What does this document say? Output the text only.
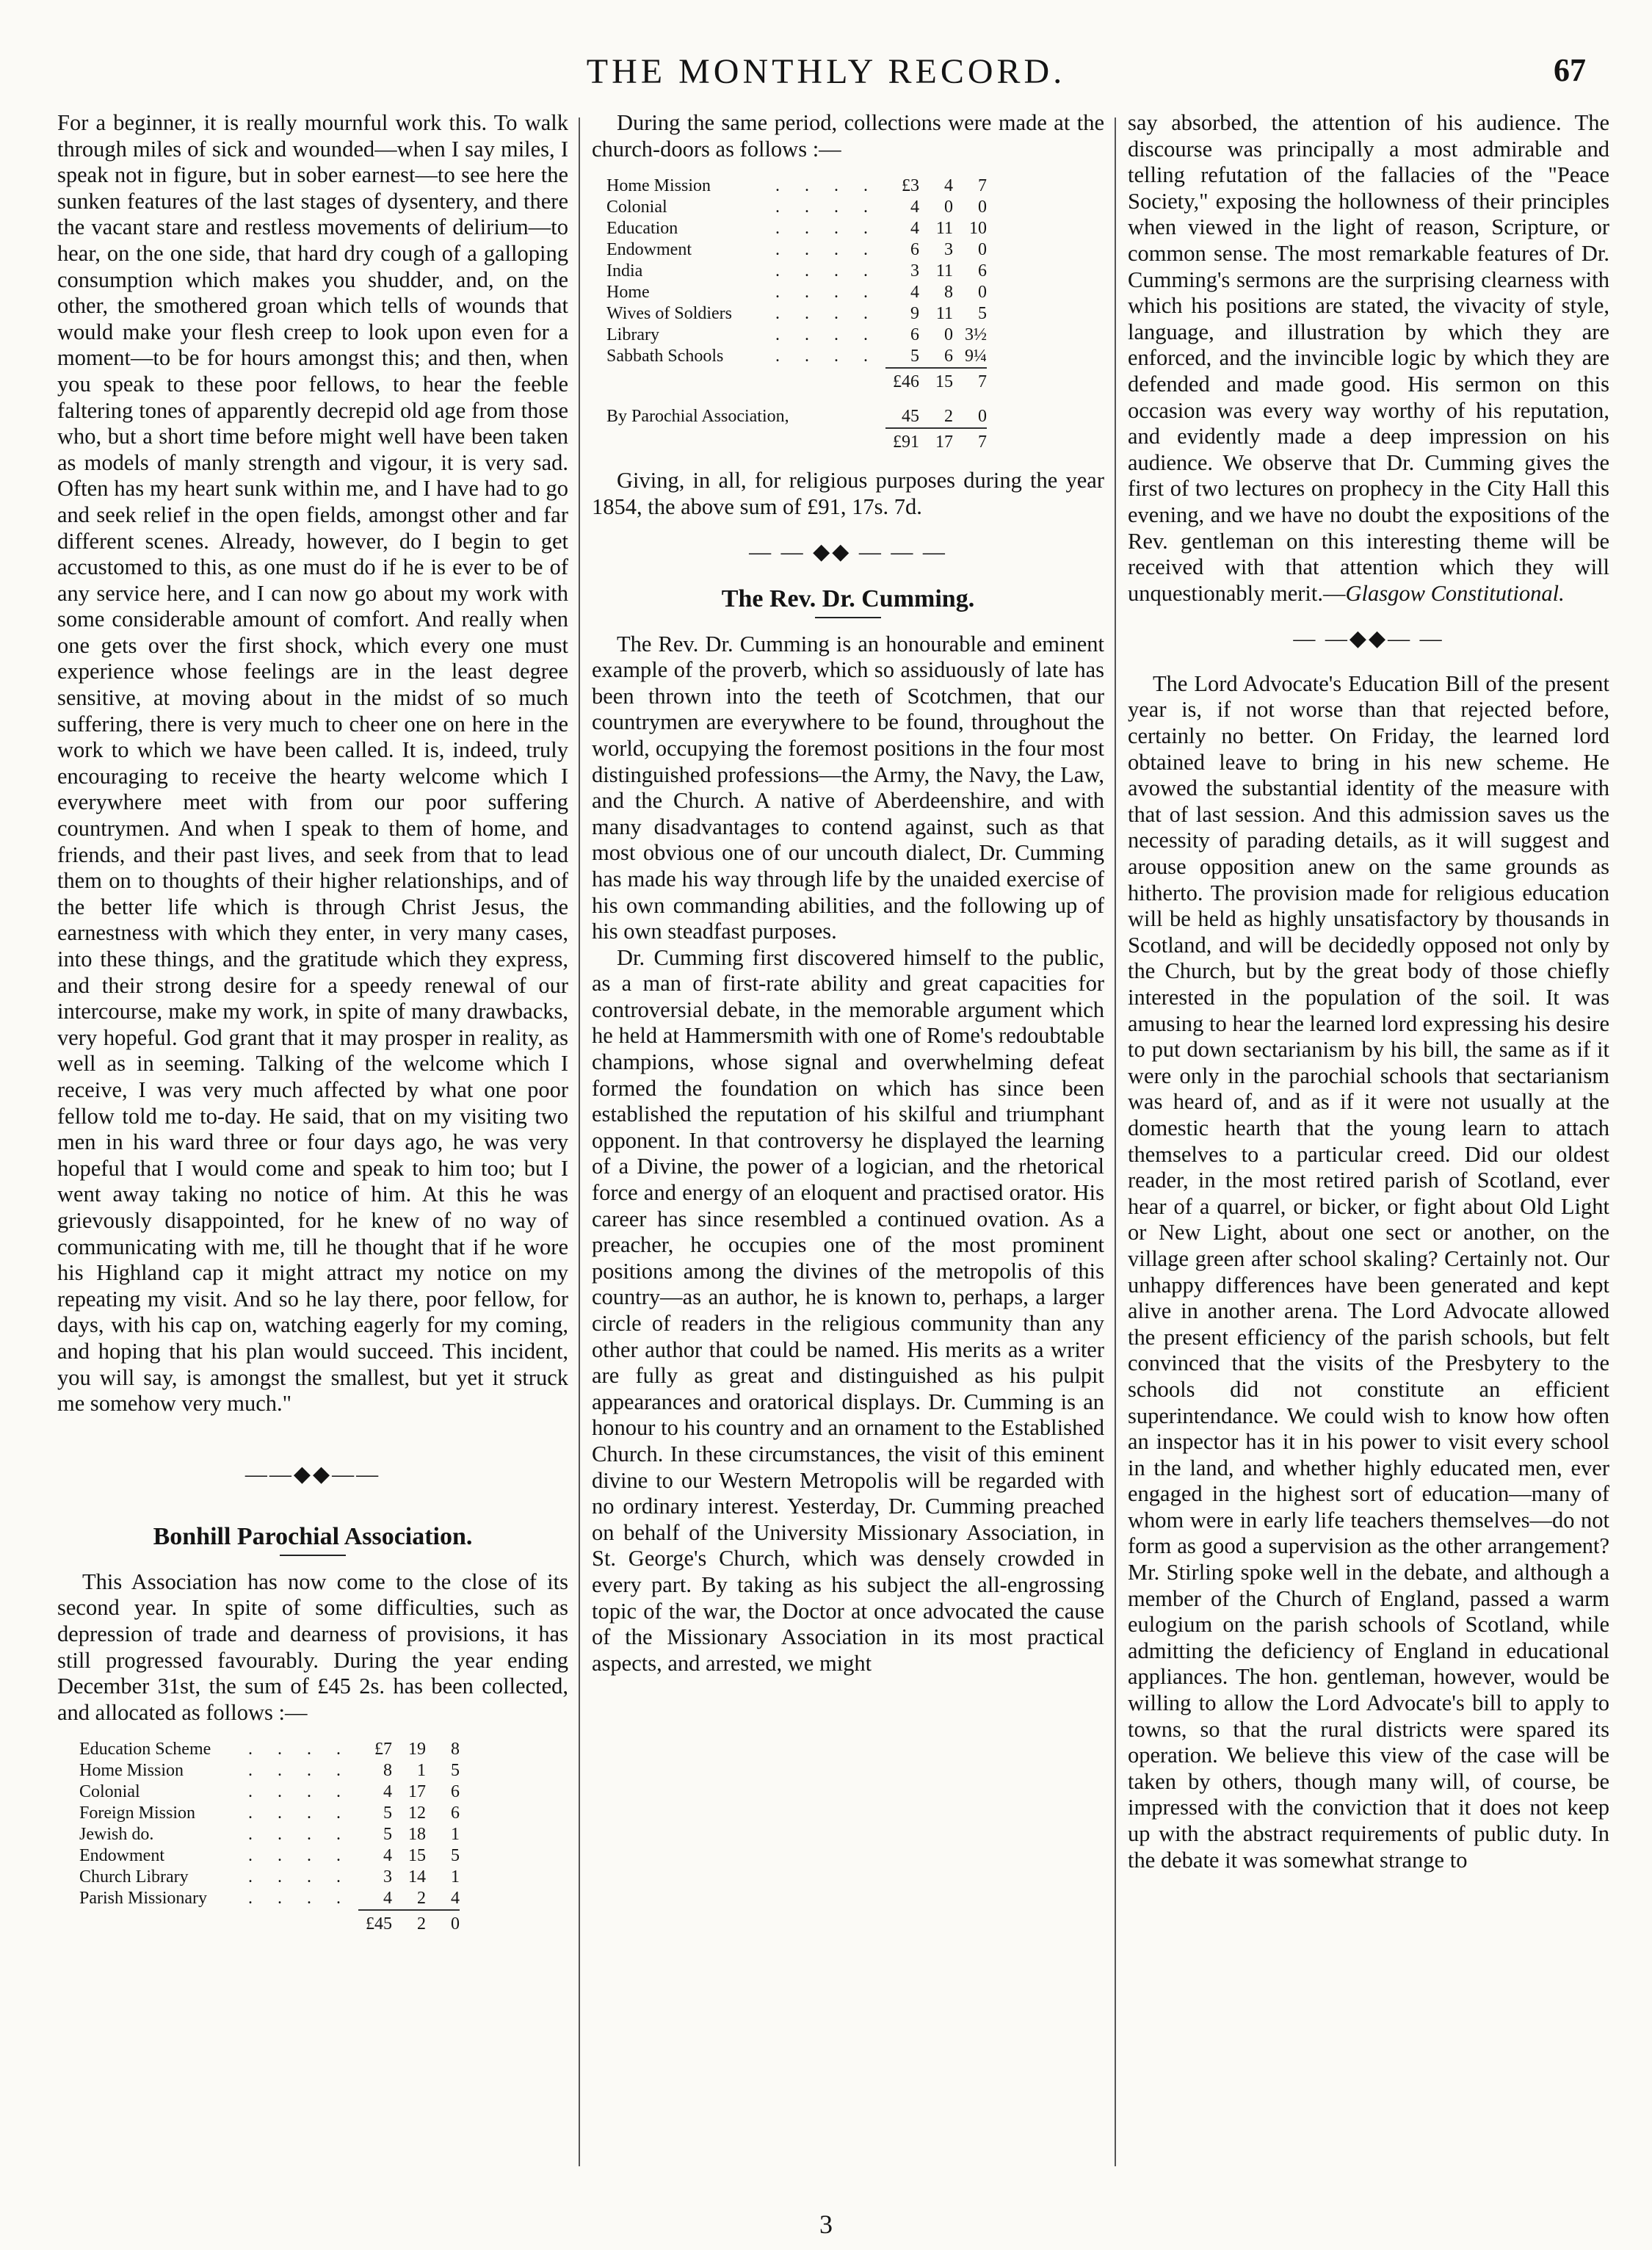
THE MONTHLY RECORD.	67

For a beginner, it is really mournful work this. To walk through miles of sick and wounded—when I say miles, I speak not in figure, but in sober earnest—to see here the sunken features of the last stages of dysentery, and there the vacant stare and restless movements of delirium—to hear, on the one side, that hard dry cough of a galloping consumption which makes you shudder, and, on the other, the smothered groan which tells of wounds that would make your flesh creep to look upon even for a moment—to be for hours amongst this; and then, when you speak to these poor fellows, to hear the feeble faltering tones of apparently decrepid old age from those who, but a short time before might well have been taken as models of manly strength and vigour, it is very sad. Often has my heart sunk within me, and I have had to go and seek relief in the open fields, amongst other and far different scenes. Already, however, do I begin to get accustomed to this, as one must do if he is ever to be of any service here, and I can now go about my work with some considerable amount of comfort. And really when one gets over the first shock, which every one must experience whose feelings are in the least degree sensitive, at moving about in the midst of so much suffering, there is very much to cheer one on here in the work to which we have been called. It is, indeed, truly encouraging to receive the hearty welcome which I everywhere meet with from our poor suffering countrymen. And when I speak to them of home, and friends, and their past lives, and seek from that to lead them on to thoughts of their higher relationships, and of the better life which is through Christ Jesus, the earnestness with which they enter, in very many cases, into these things, and the gratitude which they express, and their strong desire for a speedy renewal of our intercourse, make my work, in spite of many drawbacks, very hopeful. God grant that it may prosper in reality, as well as in seeming. Talking of the welcome which I receive, I was very much affected by what one poor fellow told me to-day. He said, that on my visiting two men in his ward three or four days ago, he was very hopeful that I would come and speak to him too; but I went away taking no notice of him. At this he was grievously disappointed, for he knew of no way of communicating with me, till he thought that if he wore his Highland cap it might attract my notice on my repeating my visit. And so he lay there, poor fellow, for days, with his cap on, watching eagerly for my coming, and hoping that his plan would succeed. This incident, you will say, is amongst the smallest, but yet it struck me somehow very much."

——◆◆——
Bonhill Parochial Association.

This Association has now come to the close of its second year. In spite of some difficulties, such as depression of trade and dearness of provisions, it has still progressed favourably. During the year ending December 31st, the sum of £45 2s. has been collected, and allocated as follows :—

Education Scheme	. . . .	£7	19	8
Home Mission	. . . .	8	1	5
Colonial	. . . .	4	17	6
Foreign Mission	. . . .	5	12	6
Jewish do.	. . . .	5	18	1
Endowment	. . . .	4	15	5
Church Library	. . . .	3	14	1
Parish Missionary	. . . .	4	2	4
		£45	2	0

During the same period, collections were made at the church-doors as follows :—

Home Mission	. . . .	£3	4	7
Colonial	. . . .	4	0	0
Education	. . . .	4	11	10
Endowment	. . . .	6	3	0
India	. . . .	3	11	6
Home	. . . .	4	8	0
Wives of Soldiers	. . . .	9	11	5
Library	. . . .	6	0	3½
Sabbath Schools	. . . .	5	6	9¼
		£46	15	7
By Parochial Association,		45	2	0
		£91	17	7

Giving, in all, for religious purposes during the year 1854, the above sum of £91, 17s. 7d.

— — ◆◆ — — —
The Rev. Dr. Cumming.

The Rev. Dr. Cumming is an honourable and eminent example of the proverb, which so assiduously of late has been thrown into the teeth of Scotchmen, that our countrymen are everywhere to be found, throughout the world, occupying the foremost positions in the four most distinguished professions—the Army, the Navy, the Law, and the Church. A native of Aberdeenshire, and with many disadvantages to contend against, such as that most obvious one of our uncouth dialect, Dr. Cumming has made his way through life by the unaided exercise of his own commanding abilities, and the following up of his own steadfast purposes.

Dr. Cumming first discovered himself to the public, as a man of first-rate ability and great capacities for controversial debate, in the memorable argument which he held at Hammersmith with one of Rome's redoubtable champions, whose signal and overwhelming defeat formed the foundation on which has since been established the reputation of his skilful and triumphant opponent. In that controversy he displayed the learning of a Divine, the power of a logician, and the rhetorical force and energy of an eloquent and practised orator. His career has since resembled a continued ovation. As a preacher, he occupies one of the most prominent positions among the divines of the metropolis of this country—as an author, he is known to, perhaps, a larger circle of readers in the religious community than any other author that could be named. His merits as a writer are fully as great and distinguished as his pulpit appearances and oratorical displays. Dr. Cumming is an honour to his country and an ornament to the Established Church. In these circumstances, the visit of this eminent divine to our Western Metropolis will be regarded with no ordinary interest. Yesterday, Dr. Cumming preached on behalf of the University Missionary Association, in St. George's Church, which was densely crowded in every part. By taking as his subject the all-engrossing topic of the war, the Doctor at once advocated the cause of the Missionary Association in its most practical aspects, and arrested, we might

say absorbed, the attention of his audience. The discourse was principally a most admirable and telling refutation of the fallacies of the "Peace Society," exposing the hollowness of their principles when viewed in the light of reason, Scripture, or common sense. The most remarkable features of Dr. Cumming's sermons are the surprising clearness with which his positions are stated, the vivacity of style, language, and illustration by which they are enforced, and the invincible logic by which they are defended and made good. His sermon on this occasion was every way worthy of his reputation, and evidently made a deep impression on his audience. We observe that Dr. Cumming gives the first of two lectures on prophecy in the City Hall this evening, and we have no doubt the expositions of the Rev. gentleman on this interesting theme will be received with that attention which they will unquestionably merit.—Glasgow Constitutional.

— —◆◆— —

The Lord Advocate's Education Bill of the present year is, if not worse than that rejected before, certainly no better. On Friday, the learned lord obtained leave to bring in his new scheme. He avowed the substantial identity of the measure with that of last session. And this admission saves us the necessity of parading details, as it will suggest and arouse opposition anew on the same grounds as hitherto. The provision made for religious education will be held as highly unsatisfactory by thousands in Scotland, and will be decidedly opposed not only by the Church, but by the great body of those chiefly interested in the population of the soil. It was amusing to hear the learned lord expressing his desire to put down sectarianism by his bill, the same as if it were only in the parochial schools that sectarianism was heard of, and as if it were not usually at the domestic hearth that the young learn to attach themselves to a particular creed. Did our oldest reader, in the most retired parish of Scotland, ever hear of a quarrel, or bicker, or fight about Old Light or New Light, about one sect or another, on the village green after school skaling? Certainly not. Our unhappy differences have been generated and kept alive in another arena. The Lord Advocate allowed the present efficiency of the parish schools, but felt convinced that the visits of the Presbytery to the schools did not constitute an efficient superintendance. We could wish to know how often an inspector has it in his power to visit every school in the land, and whether highly educated men, ever engaged in the highest sort of education—many of whom were in early life teachers themselves—do not form as good a supervision as the other arrangement? Mr. Stirling spoke well in the debate, and although a member of the Church of England, passed a warm eulogium on the parish schools of Scotland, while admitting the deficiency of England in educational appliances. The hon. gentleman, however, would be willing to allow the Lord Advocate's bill to apply to towns, so that the rural districts were spared its operation. We believe this view of the case will be taken by others, though many will, of course, be impressed with the conviction that it does not keep up with the abstract requirements of public duty. In the debate it was somewhat strange to

3
